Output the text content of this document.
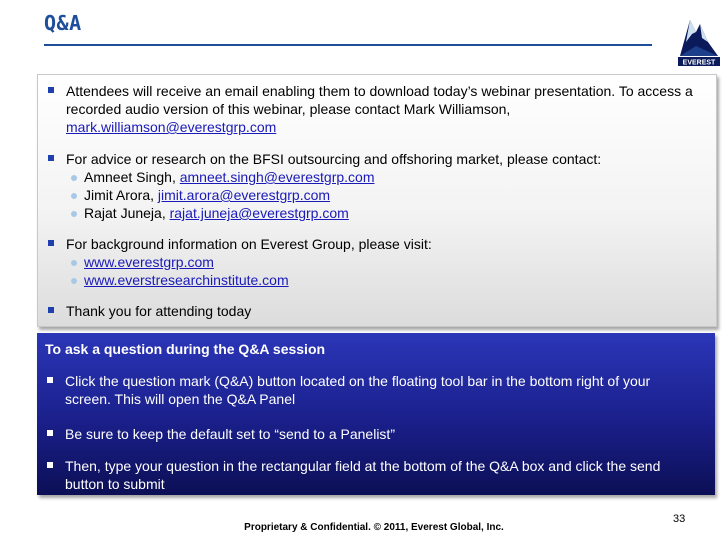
Q&A
EVEREST
Attendees will receive an email enabling them to download today’s webinar presentation. To access a recorded audio version of this webinar, please contact Mark Williamson,
mark.williamson@everestgrp.com
For advice or research on the BFSI outsourcing and offshoring market, please contact:
Amneet Singh, amneet.singh@everestgrp.com
Jimit Arora, jimit.arora@everestgrp.com
Rajat Juneja, rajat.juneja@everestgrp.com
For background information on Everest Group, please visit:
www.everestgrp.com
www.everstresearchinstitute.com
Thank you for attending today
To ask a question during the Q&A session
Click the question mark (Q&A) button located on the floating tool bar in the bottom right of your screen. This will open the Q&A Panel
Be sure to keep the default set to “send to a Panelist”
Then, type your question in the rectangular field at the bottom of the Q&A box and click the send button to submit
33
Proprietary & Confidential. © 2011, Everest Global, Inc.
